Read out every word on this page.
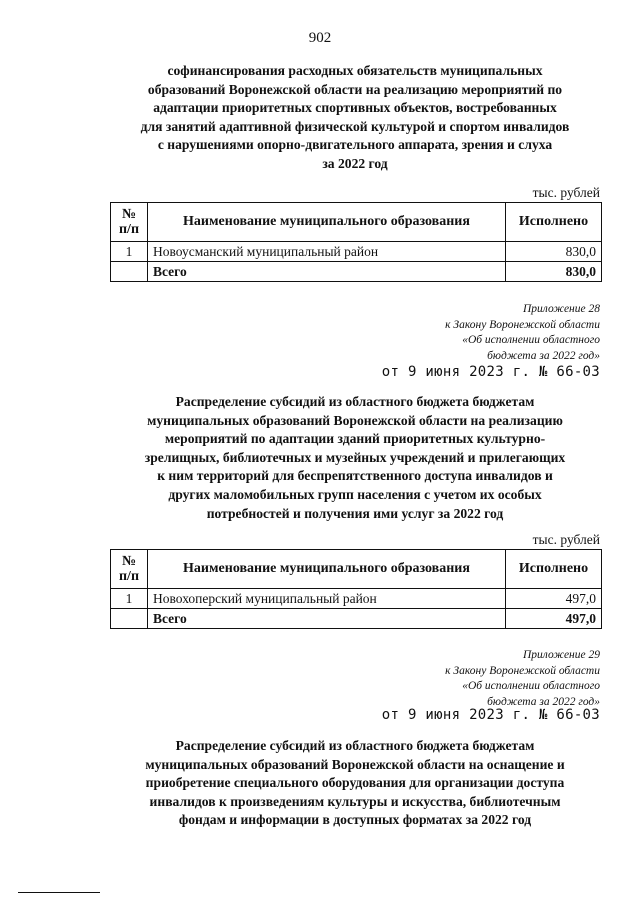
902
софинансирования расходных обязательств муниципальных
образований Воронежской области на реализацию мероприятий по
адаптации приоритетных спортивных объектов, востребованных
для занятий адаптивной физической культурой и спортом инвалидов
с нарушениями опорно-двигательного аппарата, зрения и слуха
за 2022 год
тыс. рублей
№ п/п	Наименование муниципального образования	Исполнено
1	Новоусманский муниципальный район	830,0
	Всего	830,0
Приложение 28
к Закону Воронежской области
«Об исполнении областного
бюджета за 2022 год»
от 9 июня 2023 г. № 66-03
Распределение субсидий из областного бюджета бюджетам
муниципальных образований Воронежской области на реализацию
мероприятий по адаптации зданий приоритетных культурно-
зрелищных, библиотечных и музейных учреждений и прилегающих
к ним территорий для беспрепятственного доступа инвалидов и
других маломобильных групп населения с учетом их особых
потребностей и получения ими услуг за 2022 год
тыс. рублей
№ п/п	Наименование муниципального образования	Исполнено
1	Новохоперский муниципальный район	497,0
	Всего	497,0
Приложение 29
к Закону Воронежской области
«Об исполнении областного
бюджета за 2022 год»
от 9 июня 2023 г. № 66-03
Распределение субсидий из областного бюджета бюджетам
муниципальных образований Воронежской области на оснащение и
приобретение специального оборудования для организации доступа
инвалидов к произведениям культуры и искусства, библиотечным
фондам и информации в доступных форматах за 2022 год
